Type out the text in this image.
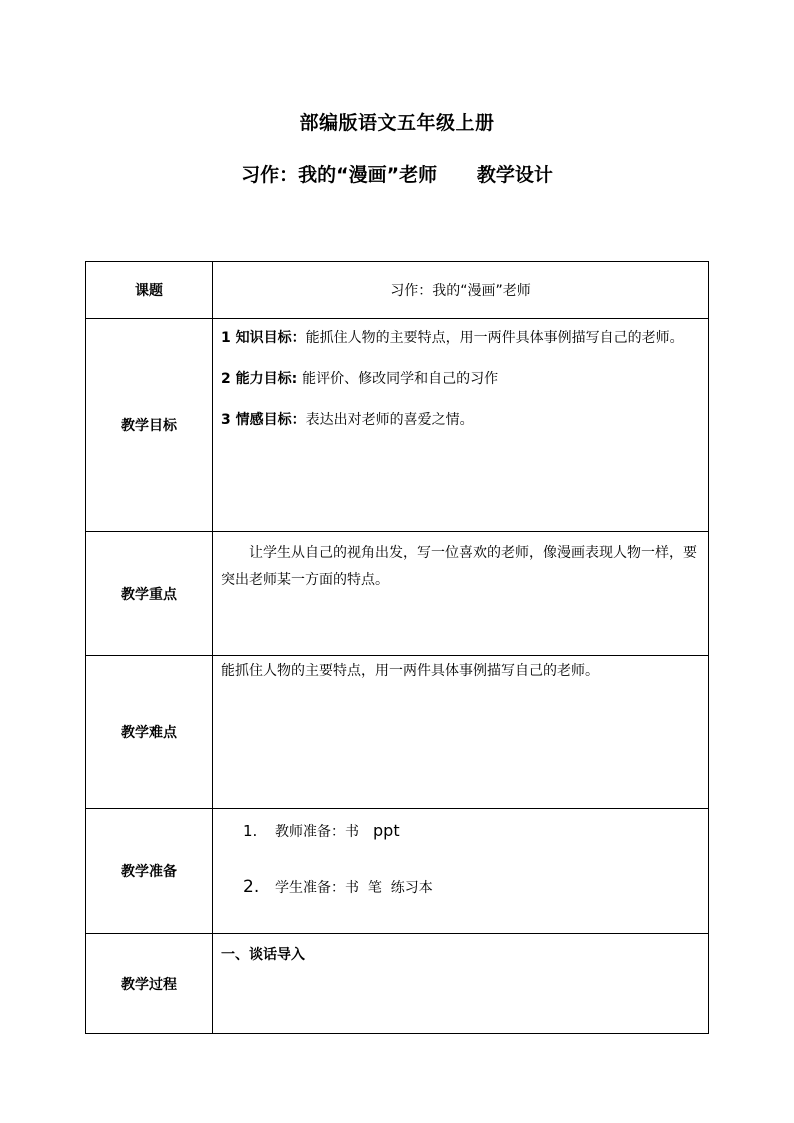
部编版语文五年级上册
习作：我的“漫画”老师      教学设计
课题	习作：我的“漫画”老师
教学目标	1 知识目标：能抓住人物的主要特点，用一两件具体事例描写自己的老师。

2 能力目标: 能评价、修改同学和自己的习作

3 情感目标：表达出对老师的喜爱之情。

教学重点	让学生从自己的视角出发，写一位喜欢的老师，像漫画表现人物一样，要突出老师某一方面的特点。

教学难点	能抓住人物的主要特点，用一两件具体事例描写自己的老师。

教学准备	1. 教师准备：书 ppt
2. 学生准备：书  笔  练习本

教学过程	一、谈话导入
